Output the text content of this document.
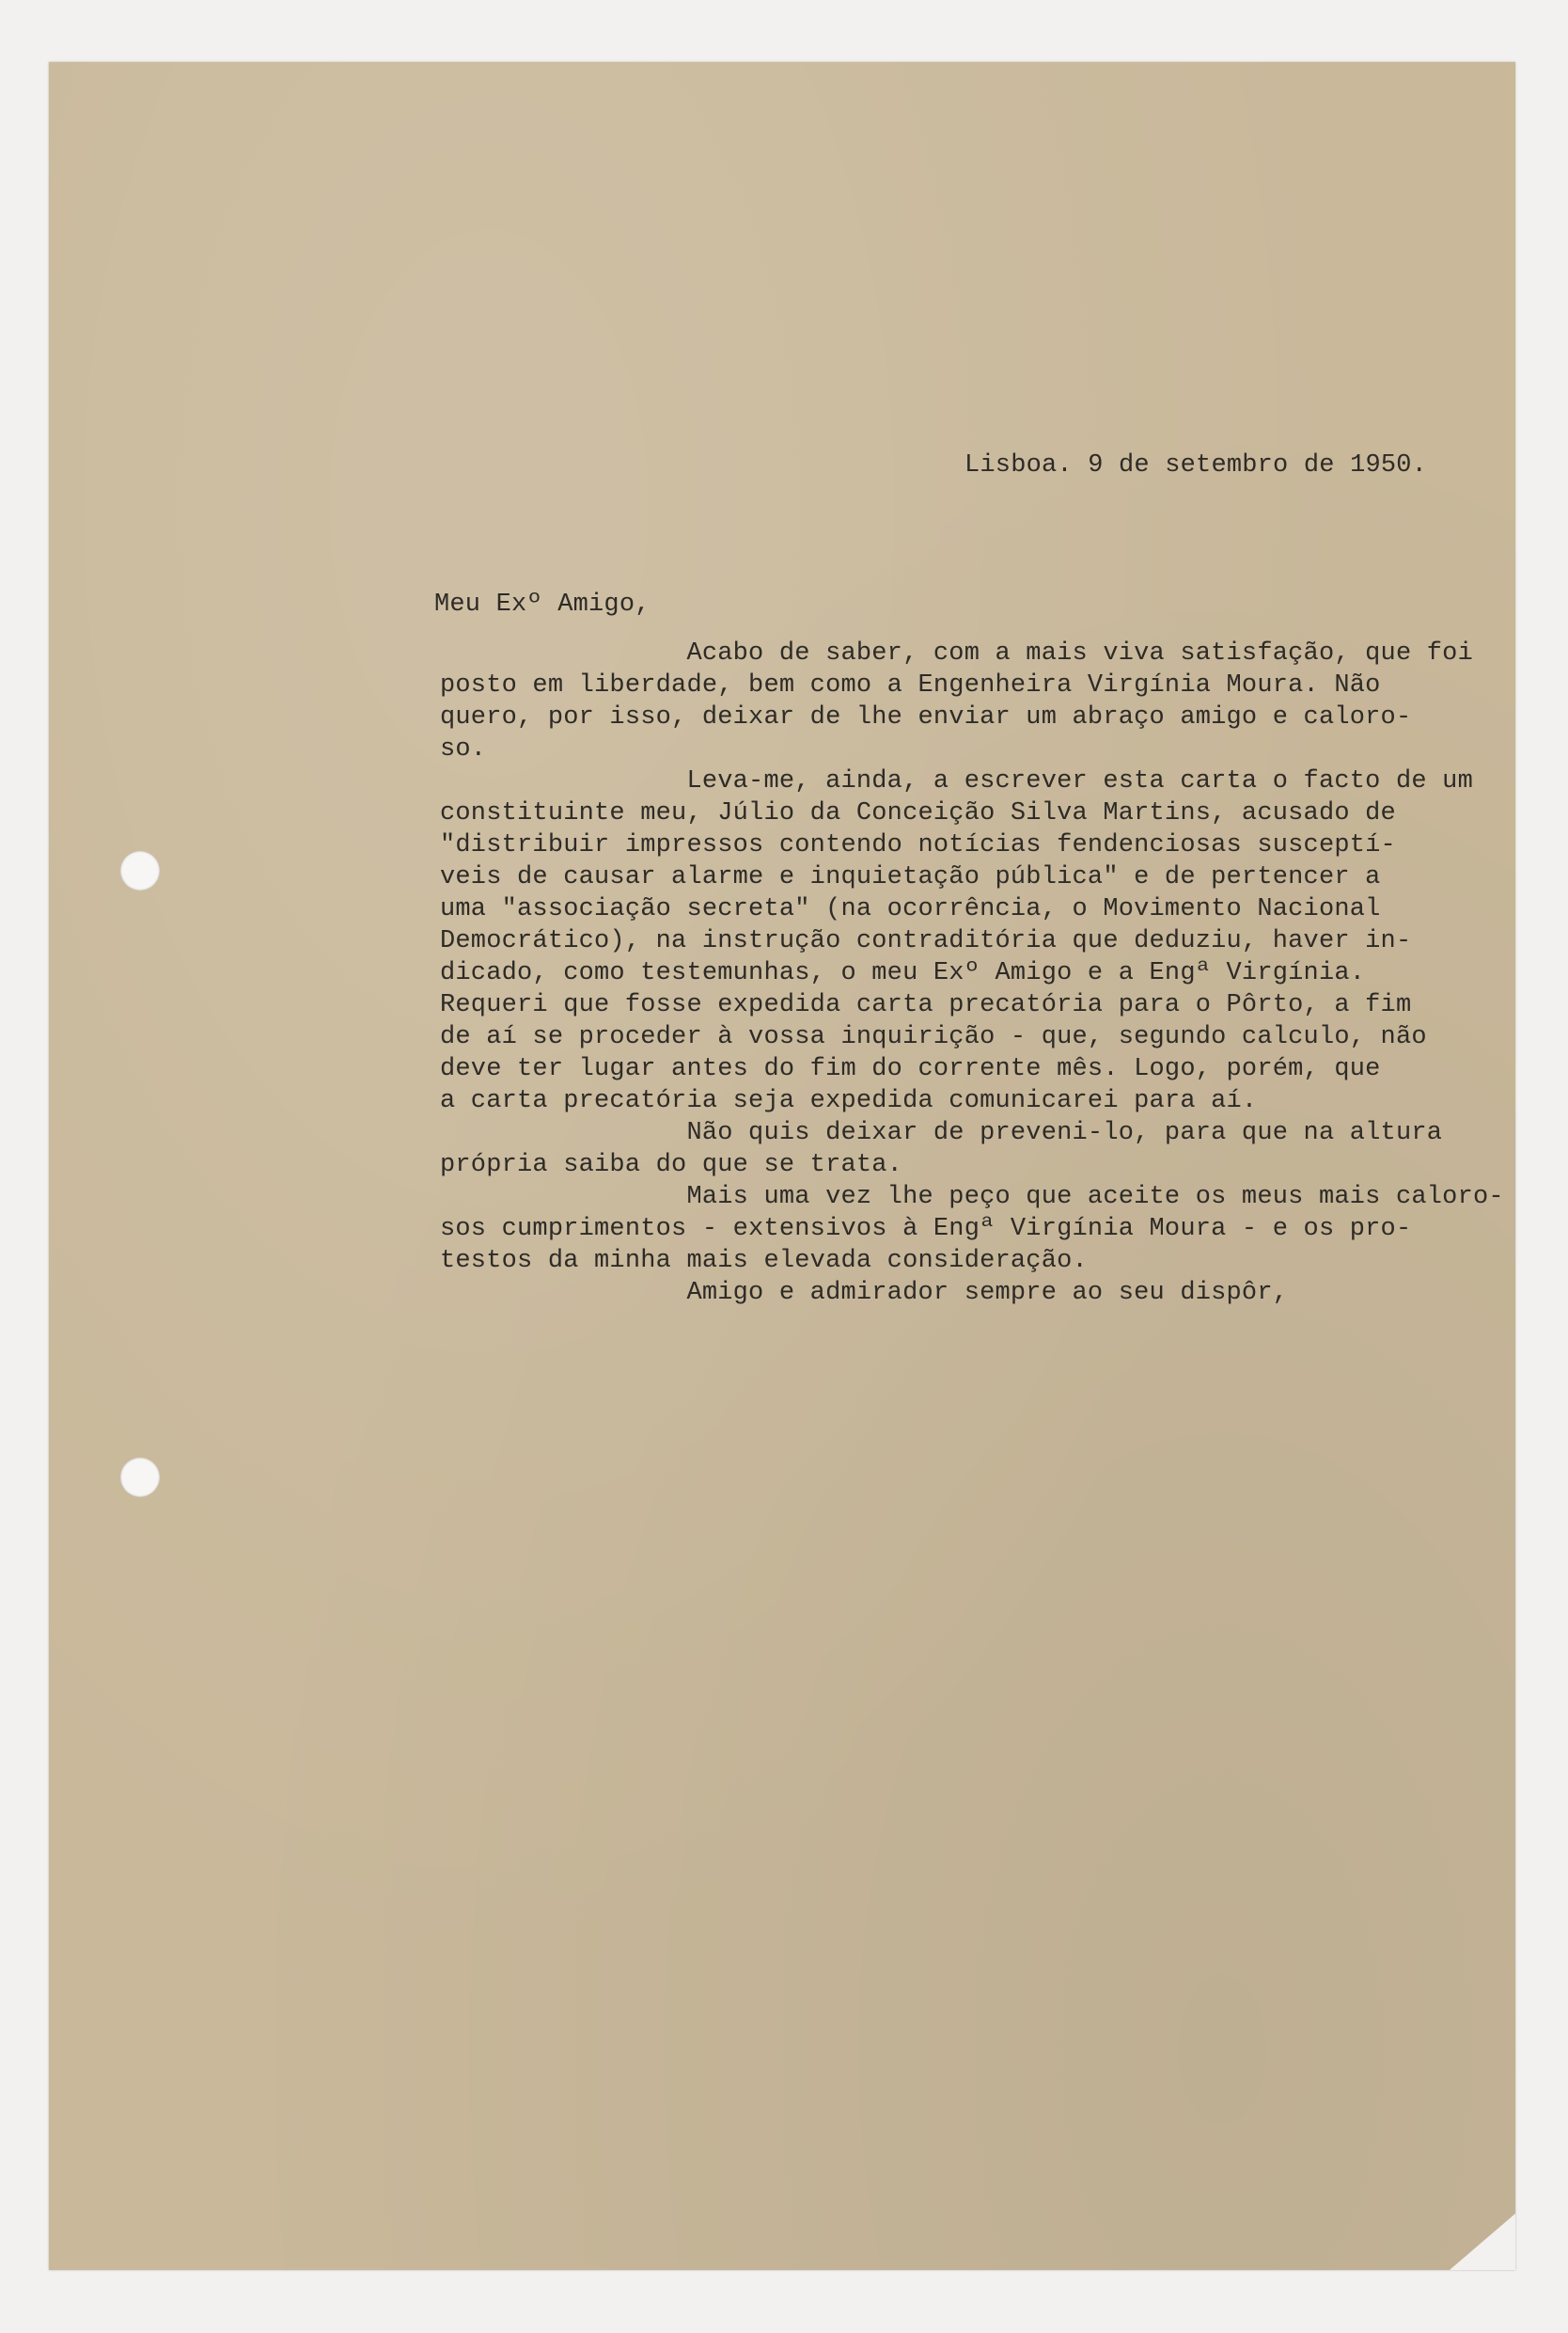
Lisboa. 9 de setembro de 1950.
Meu Exº Amigo,
Acabo de saber, com a mais viva satisfação, que foi
posto em liberdade, bem como a Engenheira Virgínia Moura. Não
quero, por isso, deixar de lhe enviar um abraço amigo e caloro-
so.
Leva-me, ainda, a escrever esta carta o facto de um
constituinte meu, Júlio da Conceição Silva Martins, acusado de
"distribuir impressos contendo notícias fendenciosas susceptí-
veis de causar alarme e inquietação pública" e de pertencer a
uma "associação secreta" (na ocorrência, o Movimento Nacional
Democrático), na instrução contraditória que deduziu, haver in-
dicado, como testemunhas, o meu Exº Amigo e a Engª Virgínia.
Requeri que fosse expedida carta precatória para o Pôrto, a fim
de aí se proceder à vossa inquirição - que, segundo calculo, não
deve ter lugar antes do fim do corrente mês. Logo, porém, que
a carta precatória seja expedida comunicarei para aí.
Não quis deixar de preveni-lo, para que na altura
própria saiba do que se trata.
Mais uma vez lhe peço que aceite os meus mais caloro-
sos cumprimentos - extensivos à Engª Virgínia Moura - e os pro-
testos da minha mais elevada consideração.
Amigo e admirador sempre ao seu dispôr,
